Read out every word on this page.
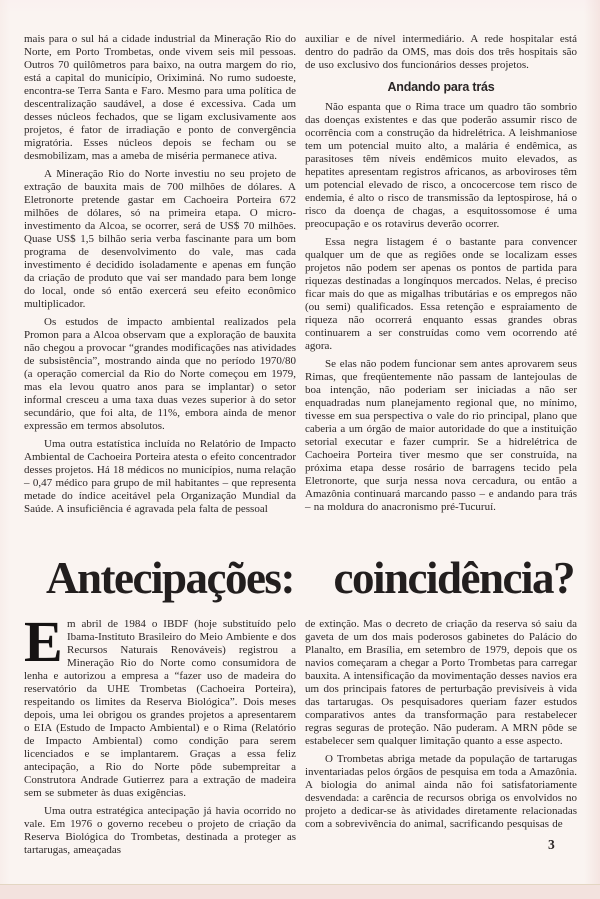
mais para o sul há a cidade industrial da Mineração Rio do Norte, em Porto Trombetas, onde vivem seis mil pessoas. Outros 70 quilômetros para baixo, na outra margem do rio, está a capital do município, Oriximiná. No rumo sudoeste, encontra-se Terra Santa e Faro. Mesmo para uma política de descentralização saudável, a dose é excessiva. Cada um desses núcleos fechados, que se ligam exclusivamente aos projetos, é fator de irradiação e ponto de convergência migratória. Esses núcleos depois se fecham ou se desmobilizam, mas a ameba de miséria permanece ativa.

A Mineração Rio do Norte investiu no seu projeto de extração de bauxita mais de 700 milhões de dólares. A Eletronorte pretende gastar em Cachoeira Porteira 672 milhões de dólares, só na primeira etapa. O micro-investimento da Alcoa, se ocorrer, será de US$ 70 milhões. Quase US$ 1,5 bilhão seria verba fascinante para um bom programa de desenvolvimento do vale, mas cada investimento é decidido isoladamente e apenas em função da criação de produto que vai ser mandado para bem longe do local, onde só então exercerá seu efeito econômico multiplicador.

Os estudos de impacto ambiental realizados pela Promon para a Alcoa observam que a exploração de bauxita não chegou a provocar “grandes modificações nas atividades de subsistência”, mostrando ainda que no período 1970/80 (a operação comercial da Rio do Norte começou em 1979, mas ela levou quatro anos para se implantar) o setor informal cresceu a uma taxa duas vezes superior à do setor secundário, que foi alta, de 11%, embora ainda de menor expressão em termos absolutos.

Uma outra estatística incluída no Relatório de Impacto Ambiental de Cachoeira Porteira atesta o efeito concentrador desses projetos. Há 18 médicos no municípios, numa relação – 0,47 médico para grupo de mil habitantes – que representa metade do índice aceitável pela Organização Mundial da Saúde. A insuficiência é agravada pela falta de pessoal

auxiliar e de nível intermediário. A rede hospitalar está dentro do padrão da OMS, mas dois dos três hospitais são de uso exclusivo dos funcionários desses projetos.

Andando para trás

Não espanta que o Rima trace um quadro tão sombrio das doenças existentes e das que poderão assumir risco de ocorrência com a construção da hidrelétrica. A leishmaniose tem um potencial muito alto, a malária é endêmica, as parasitoses têm níveis endêmicos muito elevados, as hepatites apresentam registros africanos, as arboviroses têm um potencial elevado de risco, a oncocercose tem risco de endemia, é alto o risco de transmissão da leptospirose, há o risco da doença de chagas, a esquitossomose é uma preocupação e os rotavirus deverão ocorrer.

Essa negra listagem é o bastante para convencer qualquer um de que as regiões onde se localizam esses projetos não podem ser apenas os pontos de partida para riquezas destinadas a longínquos mercados. Nelas, é preciso ficar mais do que as migalhas tributárias e os empregos não (ou semi) qualificados. Essa retenção e espraiamento de riqueza não ocorrerá enquanto essas grandes obras continuarem a ser construídas como vem ocorrendo até agora.

Se elas não podem funcionar sem antes aprovarem seus Rimas, que freqüentemente não passam de lantejoulas de boa intenção, não poderiam ser iniciadas a não ser enquadradas num planejamento regional que, no mínimo, tivesse em sua perspectiva o vale do rio principal, plano que caberia a um órgão de maior autoridade do que a instituição setorial executar e fazer cumprir. Se a hidrelétrica de Cachoeira Porteira tiver mesmo que ser construída, na próxima etapa desse rosário de barragens tecido pela Eletronorte, que surja nessa nova cercadura, ou então a Amazônia continuará marcando passo – e andando para trás – na moldura do anacronismo pré-Tucuruí.

Antecipações: coincidência?

Em abril de 1984 o IBDF (hoje substituído pelo Ibama-Instituto Brasileiro do Meio Ambiente e dos Recursos Naturais Renováveis) registrou a Mineração Rio do Norte como consumidora de lenha e autorizou a empresa a “fazer uso de madeira do reservatório da UHE Trombetas (Cachoeira Porteira), respeitando os limites da Reserva Biológica”. Dois meses depois, uma lei obrigou os grandes projetos a apresentarem o EIA (Estudo de Impacto Ambiental) e o Rima (Relatório de Impacto Ambiental) como condição para serem licenciados e se implantarem. Graças a essa feliz antecipação, a Rio do Norte pôde subempreitar a Construtora Andrade Gutierrez para a extração de madeira sem se submeter às duas exigências.

Uma outra estratégica antecipação já havia ocorrido no vale. Em 1976 o governo recebeu o projeto de criação da Reserva Biológica do Trombetas, destinada a proteger as tartarugas, ameaçadas

de extinção. Mas o decreto de criação da reserva só saiu da gaveta de um dos mais poderosos gabinetes do Palácio do Planalto, em Brasília, em setembro de 1979, depois que os navios começaram a chegar a Porto Trombetas para carregar bauxita. A intensificação da movimentação desses navios era um dos principais fatores de perturbação previsíveis à vida das tartarugas. Os pesquisadores queriam fazer estudos comparativos antes da transformação para restabelecer regras seguras de proteção. Não puderam. A MRN pôde se estabelecer sem qualquer limitação quanto a esse aspecto.

O Trombetas abriga metade da população de tartarugas inventariadas pelos órgãos de pesquisa em toda a Amazônia. A biologia do animal ainda não foi satisfatoriamente desvendada: a carência de recursos obriga os envolvidos no projeto a dedicar-se às atividades diretamente relacionadas com a sobrevivência do animal, sacrificando pesquisas de

3
